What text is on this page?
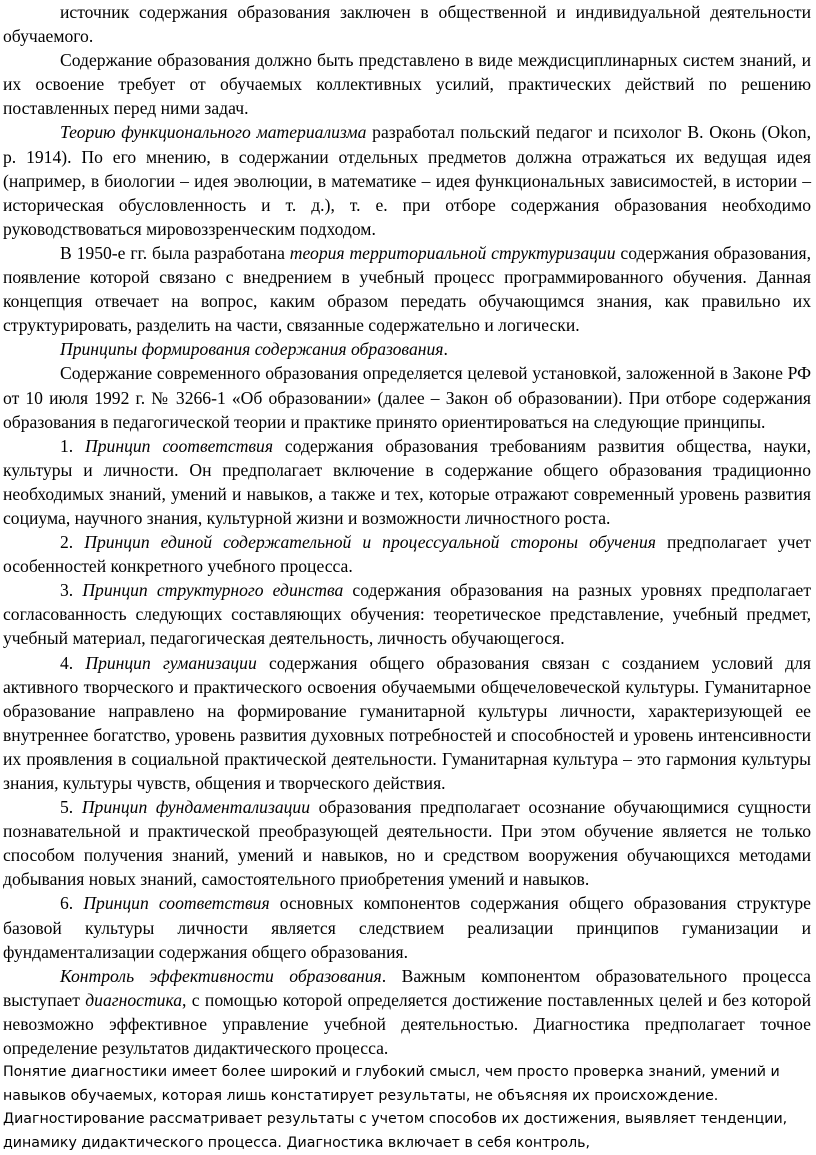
источник содержания образования заключен в общественной и индивидуальной деятельности обучаемого.

Содержание образования должно быть представлено в виде междисциплинарных систем знаний, и их освоение требует от обучаемых коллективных усилий, практических действий по решению поставленных перед ними задач.

Теорию функционального материализма разработал польский педагог и психолог В. Оконь (Okon, p. 1914). По его мнению, в содержании отдельных предметов должна отражаться их ведущая идея (например, в биологии – идея эволюции, в математике – идея функциональных зависимостей, в истории – историческая обусловленность и т. д.), т. е. при отборе содержания образования необходимо руководствоваться мировоззренческим подходом.

В 1950-е гг. была разработана теория территориальной структуризации содержания образования, появление которой связано с внедрением в учебный процесс программированного обучения. Данная концепция отвечает на вопрос, каким образом передать обучающимся знания, как правильно их структурировать, разделить на части, связанные содержательно и логически.

Принципы формирования содержания образования.

Содержание современного образования определяется целевой установкой, заложенной в Законе РФ от 10 июля 1992 г. № 3266-1 «Об образовании» (далее – Закон об образовании). При отборе содержания образования в педагогической теории и практике принято ориентироваться на следующие принципы.

1. Принцип соответствия содержания образования требованиям развития общества, науки, культуры и личности. Он предполагает включение в содержание общего образования традиционно необходимых знаний, умений и навыков, а также и тех, которые отражают современный уровень развития социума, научного знания, культурной жизни и возможности личностного роста.

2. Принцип единой содержательной и процессуальной стороны обучения предполагает учет особенностей конкретного учебного процесса.

3. Принцип структурного единства содержания образования на разных уровнях предполагает согласованность следующих составляющих обучения: теоретическое представление, учебный предмет, учебный материал, педагогическая деятельность, личность обучающегося.

4. Принцип гуманизации содержания общего образования связан с созданием условий для активного творческого и практического освоения обучаемыми общечеловеческой культуры. Гуманитарное образование направлено на формирование гуманитарной культуры личности, характеризующей ее внутреннее богатство, уровень развития духовных потребностей и способностей и уровень интенсивности их проявления в социальной практической деятельности. Гуманитарная культура – это гармония культуры знания, культуры чувств, общения и творческого действия.

5. Принцип фундаментализации образования предполагает осознание обучающимися сущности познавательной и практической преобразующей деятельности. При этом обучение является не только способом получения знаний, умений и навыков, но и средством вооружения обучающихся методами добывания новых знаний, самостоятельного приобретения умений и навыков.

6. Принцип соответствия основных компонентов содержания общего образования структуре базовой культуры личности является следствием реализации принципов гуманизации и фундаментализации содержания общего образования.

Контроль эффективности образования. Важным компонентом образовательного процесса выступает диагностика, с помощью которой определяется достижение поставленных целей и без которой невозможно эффективное управление учебной деятельностью. Диагностика предполагает точное определение результатов дидактического процесса.

Понятие диагностики имеет более широкий и глубокий смысл, чем просто проверка знаний, умений и навыков обучаемых, которая лишь констатирует результаты, не объясняя их происхождение.

Диагностирование рассматривает результаты с учетом способов их достижения, выявляет тенденции, динамику дидактического процесса. Диагностика включает в себя контроль,
